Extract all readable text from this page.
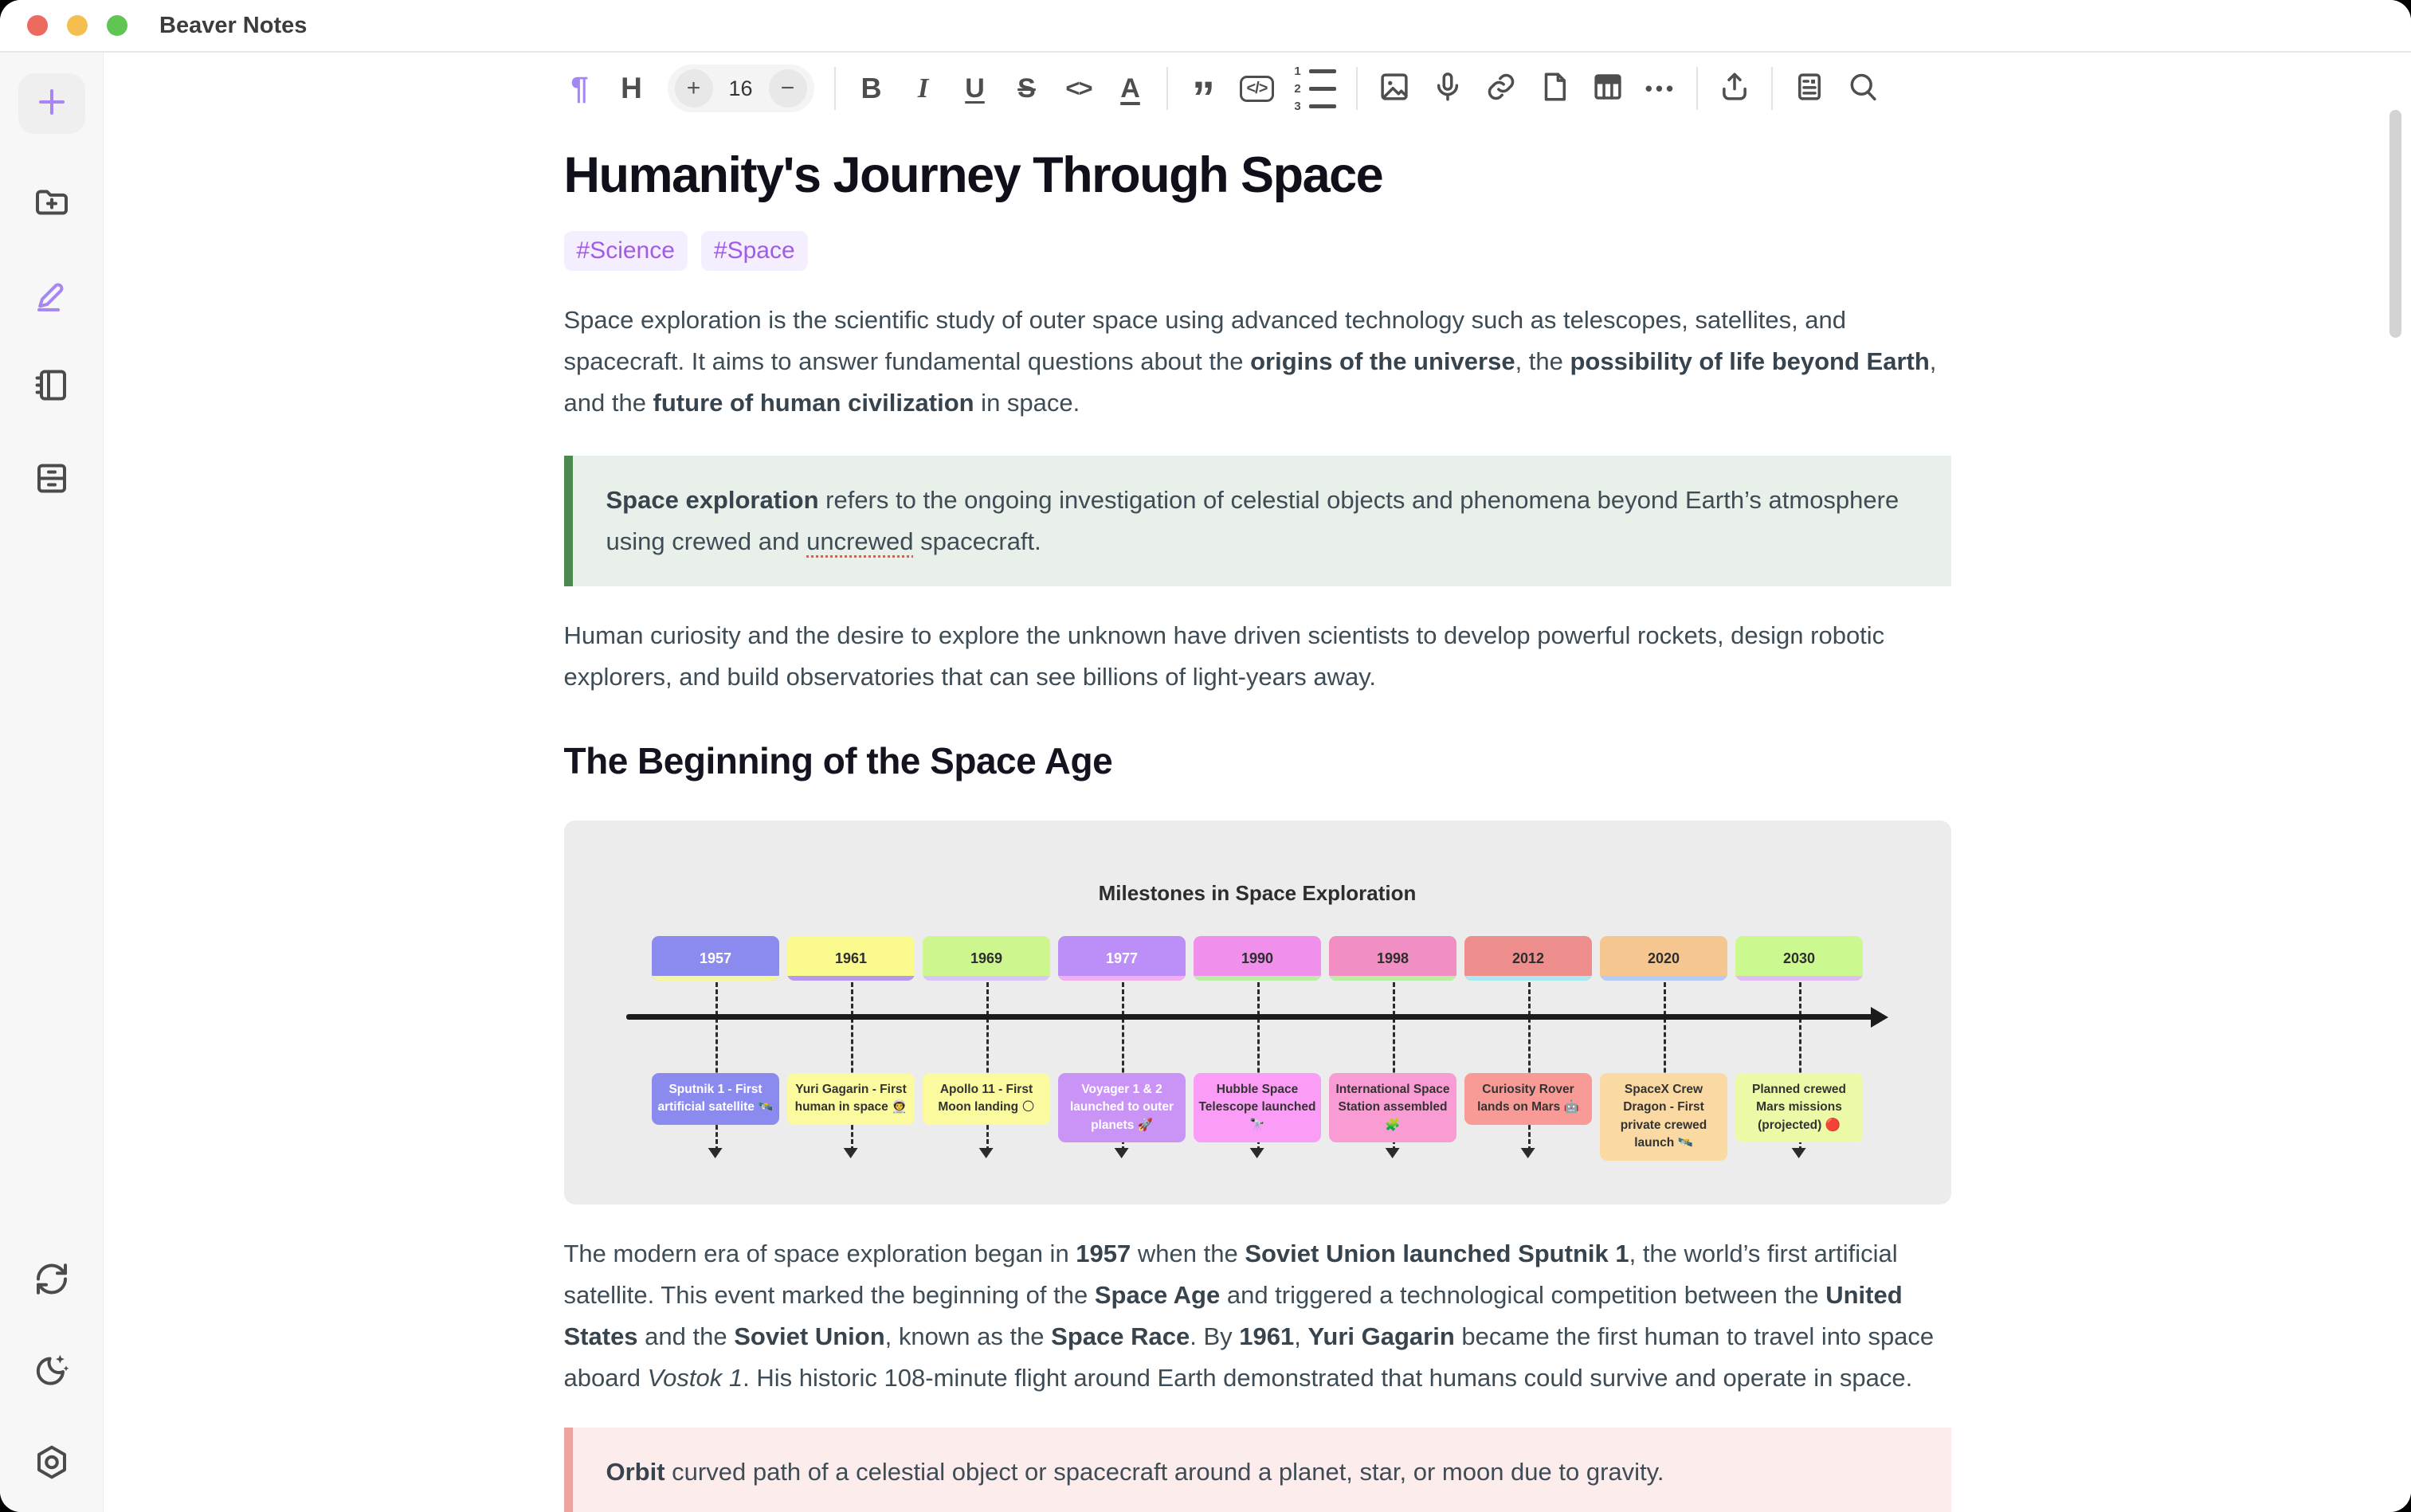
Beaver Notes
¶ H	+	16	−	B	I	U S <> A ”	</>
1
2
3
•••
Humanity's Journey Through Space
#Science	#Space

Space exploration is the scientific study of outer space using advanced technology such as telescopes, satellites, and spacecraft. It aims to answer fundamental questions about the origins of the universe, the possibility of life beyond Earth, and the future of human civilization in space.

Space exploration refers to the ongoing investigation of celestial objects and phenomena beyond Earth’s atmosphere using crewed and uncrewed spacecraft.

Human curiosity and the desire to explore the unknown have driven scientists to develop powerful rockets, design robotic explorers, and build observatories that can see billions of light-years away.

The Beginning of the Space Age
Milestones in Space Exploration
1957
Sputnik 1 - First artificial satellite 🛰️
1961
Yuri Gagarin - First human in space 👨‍🚀
1969
Apollo 11 - First Moon landing 🌕
1977
Voyager 1 & 2 launched to outer planets 🚀
1990
Hubble Space Telescope launched 🔭
1998
International Space Station assembled 🧩
2012
Curiosity Rover lands on Mars 🤖
2020
SpaceX Crew Dragon - First private crewed launch 🛰️
2030
Planned crewed Mars missions (projected) 🔴

The modern era of space exploration began in 1957 when the Soviet Union launched Sputnik 1, the world’s first artificial satellite. This event marked the beginning of the Space Age and triggered a technological competition between the United States and the Soviet Union, known as the Space Race. By 1961, Yuri Gagarin became the first human to travel into space aboard Vostok 1. His historic 108-minute flight around Earth demonstrated that humans could survive and operate in space.

Orbit curved path of a celestial object or spacecraft around a planet, star, or moon due to gravity.
